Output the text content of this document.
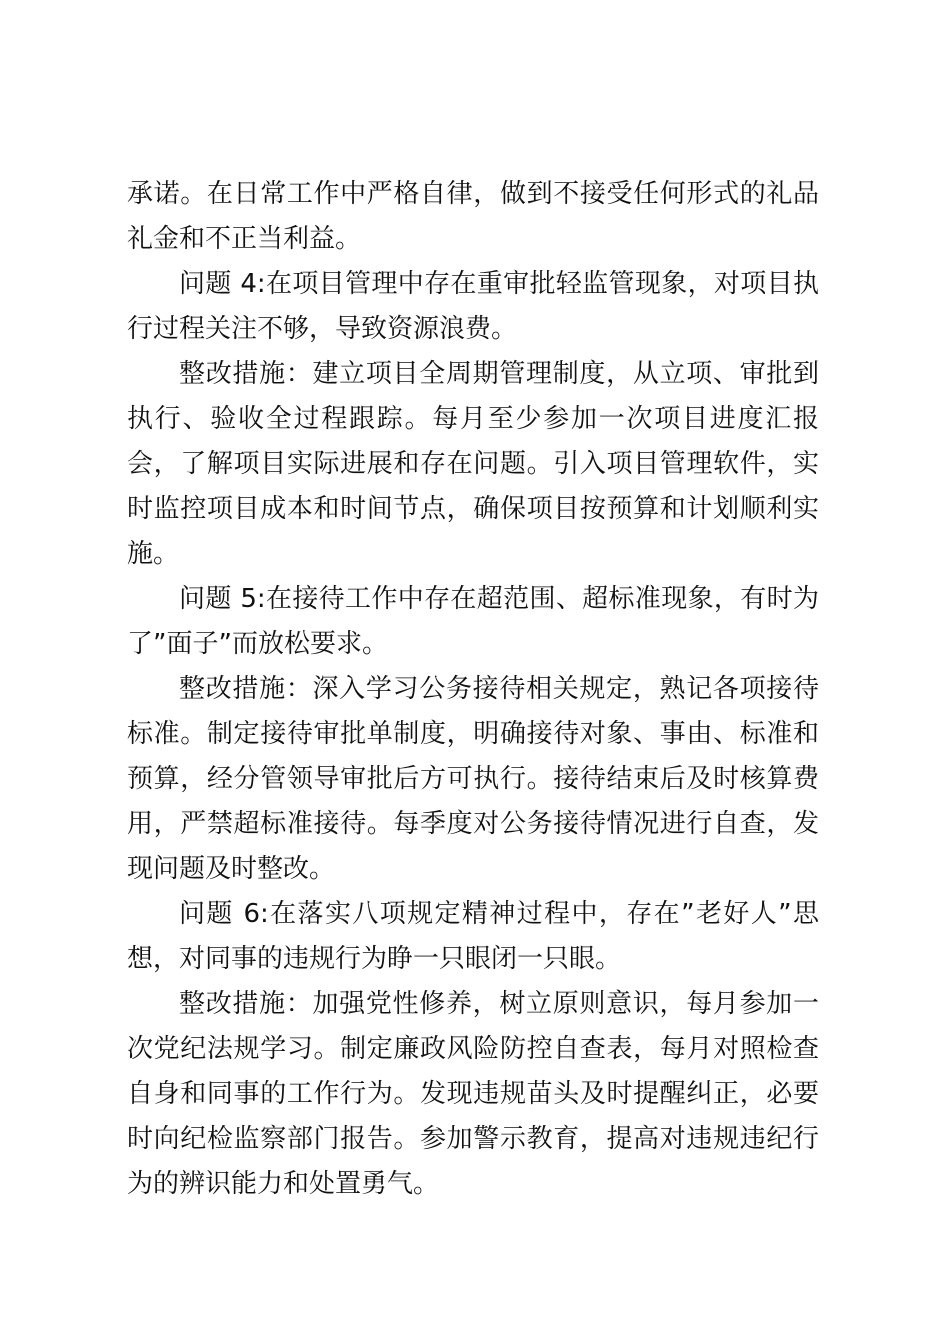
承诺。在日常工作中严格自律，做到不接受任何形式的礼品礼金和不正当利益。

问题 4:在项目管理中存在重审批轻监管现象，对项目执行过程关注不够，导致资源浪费。

整改措施：建立项目全周期管理制度，从立项、审批到执行、验收全过程跟踪。每月至少参加一次项目进度汇报会，了解项目实际进展和存在问题。引入项目管理软件，实时监控项目成本和时间节点，确保项目按预算和计划顺利实施。

问题 5:在接待工作中存在超范围、超标准现象，有时为了”面子”而放松要求。

整改措施：深入学习公务接待相关规定，熟记各项接待标准。制定接待审批单制度，明确接待对象、事由、标准和预算，经分管领导审批后方可执行。接待结束后及时核算费用，严禁超标准接待。每季度对公务接待情况进行自查，发现问题及时整改。

问题 6:在落实八项规定精神过程中，存在”老好人”思想，对同事的违规行为睁一只眼闭一只眼。

整改措施：加强党性修养，树立原则意识，每月参加一次党纪法规学习。制定廉政风险防控自查表，每月对照检查自身和同事的工作行为。发现违规苗头及时提醒纠正，必要时向纪检监察部门报告。参加警示教育，提高对违规违纪行为的辨识能力和处置勇气。
